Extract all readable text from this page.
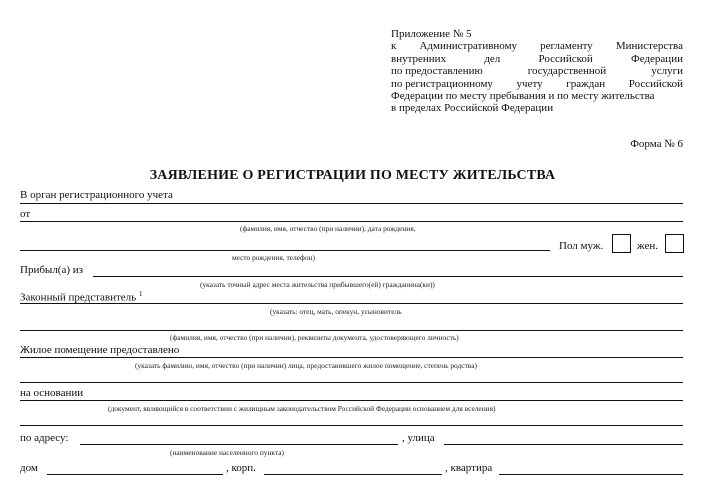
Приложение № 5
к Административному регламенту Министерства
внутренних	дел	Российской	Федерации
по предоставлению	государственной	услуги
по регистрационному учету граждан Российской
Федерации по месту пребывания и по месту жительства
в пределах Российской Федерации
Форма № 6
ЗАЯВЛЕНИЕ О РЕГИСТРАЦИИ ПО МЕСТУ ЖИТЕЛЬСТВА
В орган регистрационного учета
от
(фамилия, имя, отчество (при наличии), дата рождения,
Пол муж.	жен.
место рождения, телефон)
Прибыл(а) из
(указать точный адрес места жительства прибывшего(ей) гражданина(ки))
Законный представитель $^1$
(указать: отец, мать, опекун, усыновитель
(фамилия, имя, отчество (при наличии), реквизиты документа, удостоверяющего личность)
Жилое помещение предоставлено
(указать фамилию, имя, отчество (при наличии) лица, предоставившего жилое помещение, степень родства)
на основании
(документ, являющийся в соответствии с жилищным законодательством Российской Федерации основанием для вселения)
по адресу:	, улица
(наименование населенного пункта)
дом	, корп.	, квартира
